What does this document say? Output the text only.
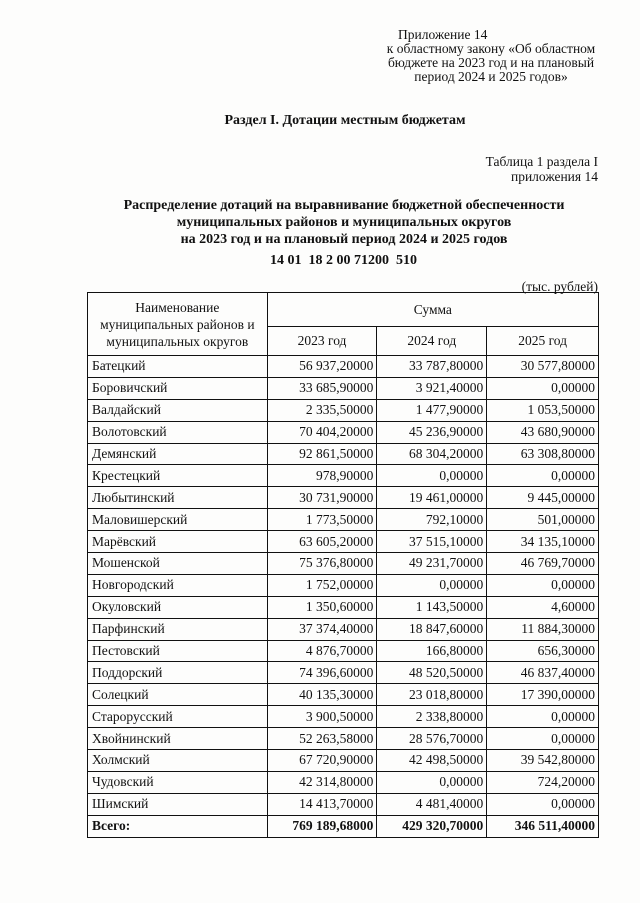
Приложение 14
к областному закону «Об областном
бюджете на 2023 год и на плановый
период 2024 и 2025 годов»
Раздел I. Дотации местным бюджетам
Таблица 1 раздела I
приложения 14
Распределение дотаций на выравнивание бюджетной обеспеченности
муниципальных районов и муниципальных округов
на 2023 год и на плановый период 2024 и 2025 годов
14 01  18 2 00 71200  510
(тыс. рублей)
Наименование
муниципальных районов и
муниципальных округов	Сумма		
	2023 год	2024 год	2025 год
Батецкий	56 937,20000	33 787,80000	30 577,80000
Боровичский	33 685,90000	3 921,40000	0,00000
Валдайский	2 335,50000	1 477,90000	1 053,50000
Волотовский	70 404,20000	45 236,90000	43 680,90000
Демянский	92 861,50000	68 304,20000	63 308,80000
Крестецкий	978,90000	0,00000	0,00000
Любытинский	30 731,90000	19 461,00000	9 445,00000
Маловишерский	1 773,50000	792,10000	501,00000
Марёвский	63 605,20000	37 515,10000	34 135,10000
Мошенской	75 376,80000	49 231,70000	46 769,70000
Новгородский	1 752,00000	0,00000	0,00000
Окуловский	1 350,60000	1 143,50000	4,60000
Парфинский	37 374,40000	18 847,60000	11 884,30000
Пестовский	4 876,70000	166,80000	656,30000
Поддорский	74 396,60000	48 520,50000	46 837,40000
Солецкий	40 135,30000	23 018,80000	17 390,00000
Старорусский	3 900,50000	2 338,80000	0,00000
Хвойнинский	52 263,58000	28 576,70000	0,00000
Холмский	67 720,90000	42 498,50000	39 542,80000
Чудовский	42 314,80000	0,00000	724,20000
Шимский	14 413,70000	4 481,40000	0,00000
Всего:	769 189,68000	429 320,70000	346 511,40000
